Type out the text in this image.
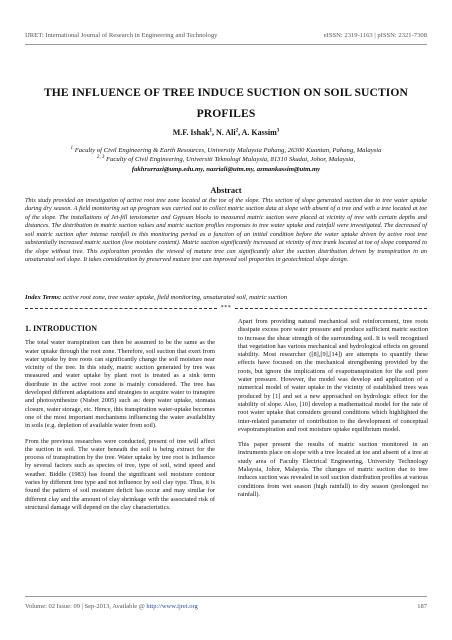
IJRET: International Journal of Research in Engineering and Technology	eISSN: 2319-1163 | pISSN: 2321-7308
THE INFLUENCE OF TREE INDUCE SUCTION ON SOIL SUCTION PROFILES
M.F. Ishak$^1$, N. Ali$^2$, A. Kassim$^3$
$^1$ Faculty of Civil Engineering & Earth Resources, University Malaysia Pahang, 26300 Kuantan, Pahang, Malaysia
$^{2, 3}$ Faculty of Civil Engineering, Universiti Teknologi Malaysia, 81310 Skudai, Johor, Malaysia,
fakhrurrazi@ump.edu.my, nazriali@utm.my, azmankassim@utm.my
Abstract
This study provided an investigation of active root tree zone located at the toe of the slope. This section of slope generated suction due to tree water uptake during dry season. A field monitoring set up program was carried out to collect matric suction data at slope with absent of a tree and with a tree located at toe of the slope. The installations of Jet-fill tensiometer and Gypsum blocks to measured matric suction were placed at vicinity of tree with certain depths and distances. The distribution in matric suction values and matric suction profiles responses to tree water uptake and rainfall were investigated. The decreased of soil matric suction after intense rainfall in this monitoring period as a function of an initial condition before the water uptake driven by active root tree substantially increased matric suction (low moisture content). Matric suction significantly increased at vicinity of tree trunk located at toe of slope compared to the slope without tree. This exploration provides the viewed of mature tree can significantly alter the suction distribution driven by transpiration in an unsaturated soil slope. It takes consideration by preserved mature tree can improved soil properties in geotechnical slope design.
Index Terms: active root zone, tree water uptake, field monitoring, unsaturated soil, matric suction
***
1. INTRODUCTION

The total water transpiration can then be assumed to be the same as the water uptake through the root zone. Therefore, soil suction that exert from water uptake by tree roots can significantly change the soil moisture near vicinity of the tree. In this study, matric suction generated by tree was measured and water uptake by plant root is treated as a sink term distribute in the active root zone is mainly considered. The tree has developed different adaptations and strategies to acquire water to transpire and photosynthesize (Nisbet 2005) such as: deep water uptake, stomata closure, water storage, etc. Hence, this transpiration water-uptake becomes one of the most important mechanisms influencing the water availability in soils (e.g. depletion of available water from soil).

From the previous researches were conducted, present of tree will affect the suction in soil. The water beneath the soil is being extract for the process of transpiration by the tree. Water uptake by tree root is influence by several factors such as species of tree, type of soil, wind speed and weather. Biddle (1983) has found the significant soil moisture contour varies by different tree type and not influence by soil clay type. Thus, it is found the pattern of soil moisture deficit has occur and may similar for different clay and the amount of clay shrinkage with the associated risk of structural damage will depend on the clay characteristics.

Apart from providing natural mechanical soil reinforcement, tree roots dissipate excess pore water pressure and produce sufficient matric suction to increase the shear strength of the surrounding soil. It is well recognised that vegetation has various mechanical and hydrological effects on ground stability. Most researcher ([8],[9],[14]) are attempts to quantify these effects have focused on the mechanical strengthening provided by the roots, but ignore the implications of evapotranspiration for the soil pore water pressure. However, the model was develop and application of a numerical model of water uptake in the vicinity of established trees was produced by [1] and set a new approached on hydrologic effect for the stability of slope. Also, [10] develop a mathematical model for the rate of root water uptake that considers ground conditions which highlighted the inter-related parameter of contribution to the development of conceptual evapotranspiration and root moisture uptake equilibrium model.

This paper present the results of matric suction monitored in an instruments place on slope with a tree located at toe and absent of a tree at study area of Faculty Electrical Engineering, University Technology Malaysia, Johor, Malaysia. The changes of matric suction due to tree induces suction was revealed in soil suction distribution profiles at various conditions from wet season (high rainfall) to dry season (prolonged no rainfall).

Volume: 02 Issue: 09 | Sep-2013, Available @ http://www.ijret.org	187
